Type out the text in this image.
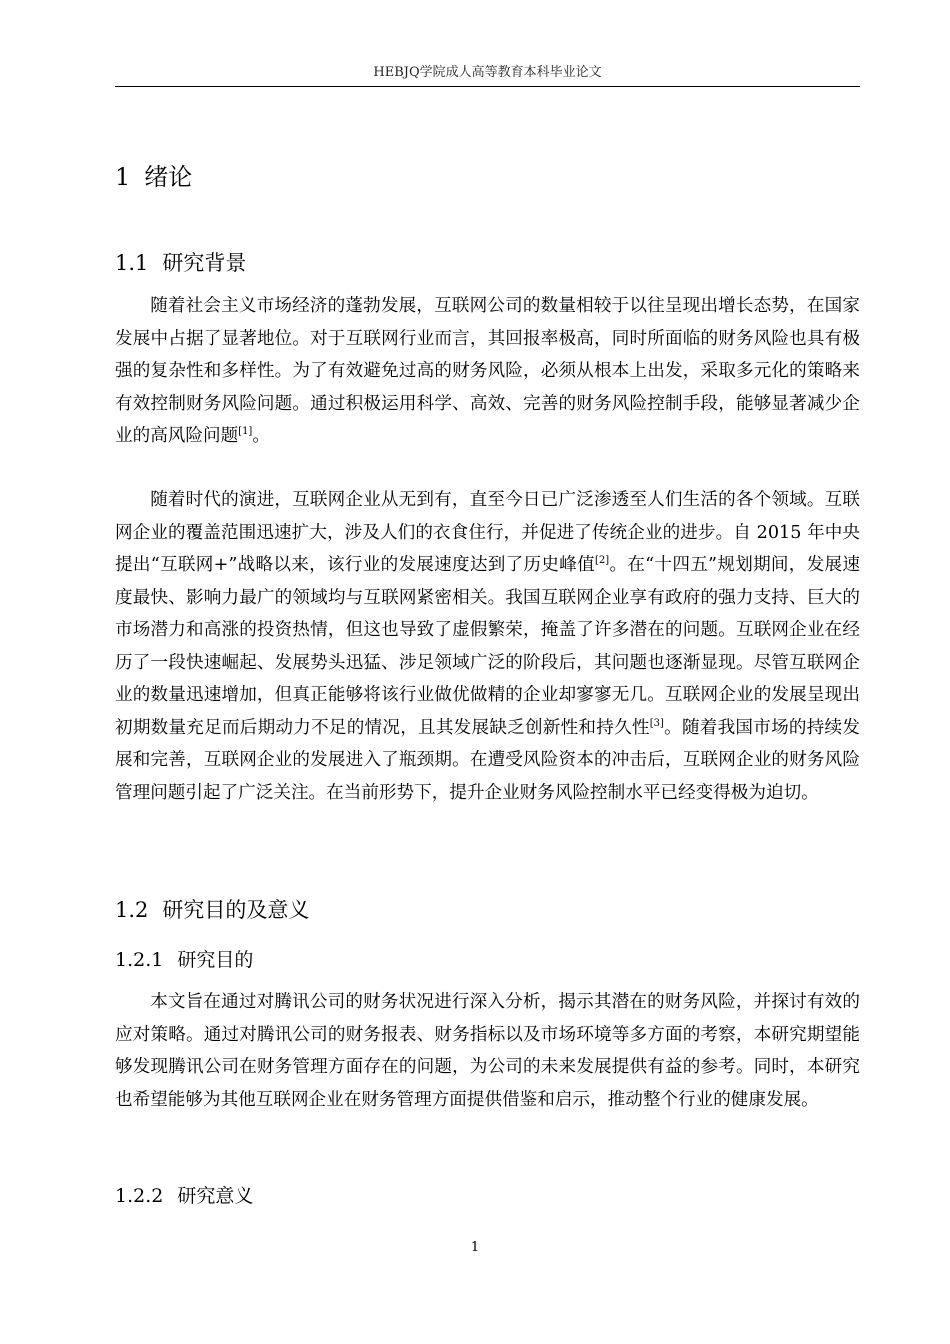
HEBJQ学院成人高等教育本科毕业论文
1 绪论
1.1 研究背景

随着社会主义市场经济的蓬勃发展，互联网公司的数量相较于以往呈现出增长态势，在国家发展中占据了显著地位。对于互联网行业而言，其回报率极高，同时所面临的财务风险也具有极强的复杂性和多样性。为了有效避免过高的财务风险，必须从根本上出发，采取多元化的策略来有效控制财务风险问题。通过积极运用科学、高效、完善的财务风险控制手段，能够显著减少企业的高风险问题[1]。

随着时代的演进，互联网企业从无到有，直至今日已广泛渗透至人们生活的各个领域。互联网企业的覆盖范围迅速扩大，涉及人们的衣食住行，并促进了传统企业的进步。自 2015 年中央提出“互联网+”战略以来，该行业的发展速度达到了历史峰值[2]。在“十四五”规划期间，发展速度最快、影响力最广的领域均与互联网紧密相关。我国互联网企业享有政府的强力支持、巨大的市场潜力和高涨的投资热情，但这也导致了虚假繁荣，掩盖了许多潜在的问题。互联网企业在经历了一段快速崛起、发展势头迅猛、涉足领域广泛的阶段后，其问题也逐渐显现。尽管互联网企业的数量迅速增加，但真正能够将该行业做优做精的企业却寥寥无几。互联网企业的发展呈现出初期数量充足而后期动力不足的情况，且其发展缺乏创新性和持久性[3]。随着我国市场的持续发展和完善，互联网企业的发展进入了瓶颈期。在遭受风险资本的冲击后，互联网企业的财务风险管理问题引起了广泛关注。在当前形势下，提升企业财务风险控制水平已经变得极为迫切。

1.2 研究目的及意义
1.2.1 研究目的

本文旨在通过对腾讯公司的财务状况进行深入分析，揭示其潜在的财务风险，并探讨有效的应对策略。通过对腾讯公司的财务报表、财务指标以及市场环境等多方面的考察，本研究期望能够发现腾讯公司在财务管理方面存在的问题，为公司的未来发展提供有益的参考。同时，本研究也希望能够为其他互联网企业在财务管理方面提供借鉴和启示，推动整个行业的健康发展。

1.2.2 研究意义
1
